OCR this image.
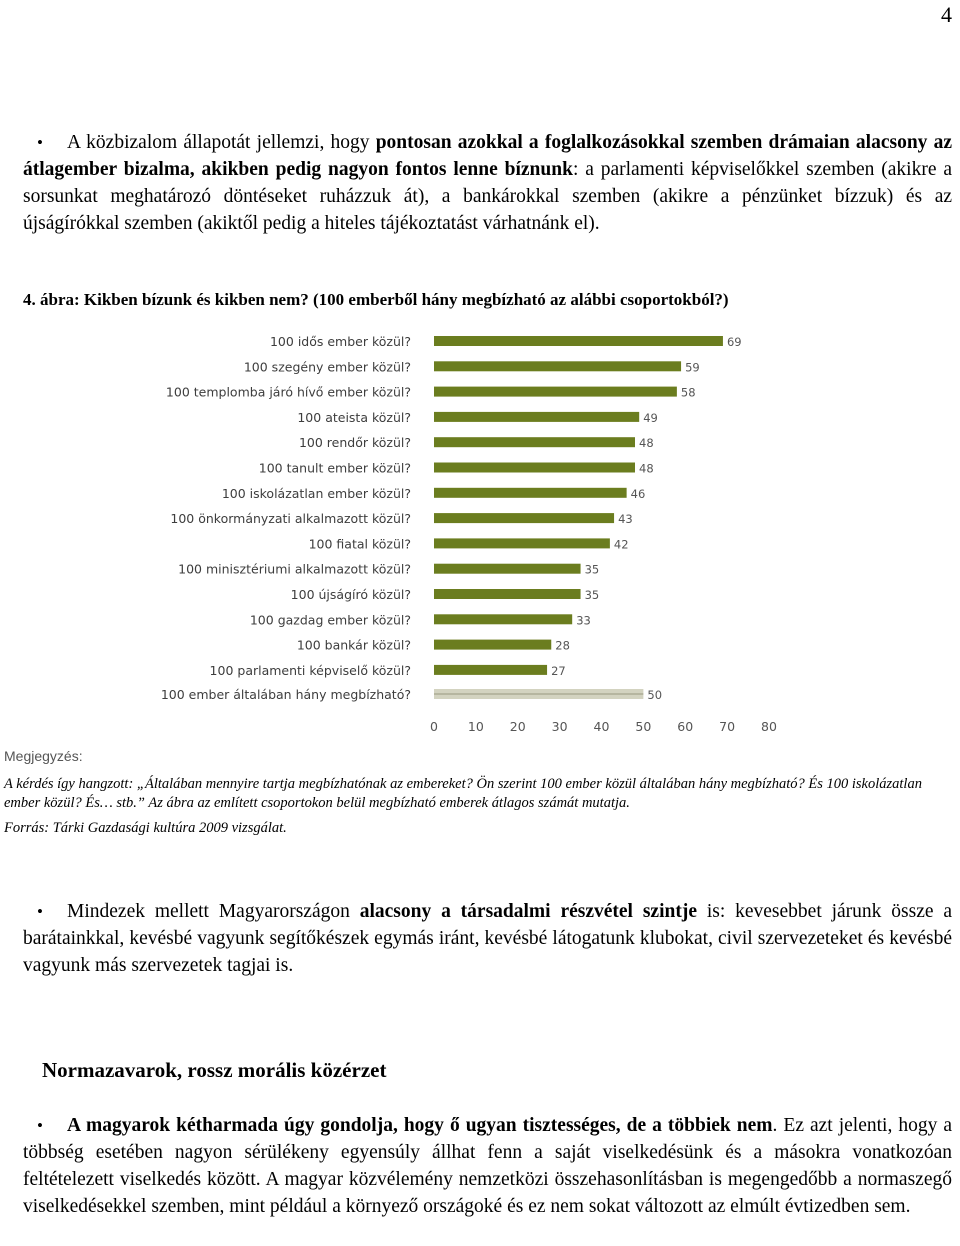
4

• A közbizalom állapotát jellemzi, hogy pontosan azokkal a foglalkozásokkal szemben drámaian alacsony az átlagember bizalma, akikben pedig nagyon fontos lenne bíznunk: a parlamenti képviselőkkel szemben (akikre a sorsunkat meghatározó döntéseket ruházzuk át), a bankárokkal szemben (akikre a pénzünket bízzuk) és az újságírókkal szemben (akiktől pedig a hiteles tájékoztatást várhatnánk el).

4. ábra: Kikben bízunk és kikben nem? (100 emberből hány megbízható az alábbi csoportokból?)

100 idős ember közül?	69
100 szegény ember közül?	59
100 templomba járó hívő ember közül?	58
100 ateista közül?	49
100 rendőr közül?	48
100 tanult ember közül?	48
100 iskolázatlan ember közül?	46
100 önkormányzati alkalmazott közül?	43
100 fiatal közül?	42
100 minisztériumi alkalmazott közül?	35
100 újságíró közül?	35
100 gazdag ember közül?	33
100 bankár közül?	28
100 parlamenti képviselő közül?	27
100 ember általában hány megbízható?	50
0 10 20 30 40 50 60 70 80
Megjegyzés:
A kérdés így hangzott: „Általában mennyire tartja megbízhatónak az embereket? Ön szerint 100 ember közül általában hány megbízható? És 100 iskolázatlan ember közül? És… stb.” Az ábra az említett csoportokon belül megbízható emberek átlagos számát mutatja.
Forrás: Tárki Gazdasági kultúra 2009 vizsgálat.

• Mindezek mellett Magyarországon alacsony a társadalmi részvétel szintje is: kevesebbet járunk össze a barátainkkal, kevésbé vagyunk segítőkészek egymás iránt, kevésbé látogatunk klubokat, civil szervezeteket és kevésbé vagyunk más szervezetek tagjai is.

Normazavarok, rossz morális közérzet

• A magyarok kétharmada úgy gondolja, hogy ő ugyan tisztességes, de a többiek nem. Ez azt jelenti, hogy a többség esetében nagyon sérülékeny egyensúly állhat fenn a saját viselkedésünk és a másokra vonatkozóan feltételezett viselkedés között. A magyar közvélemény nemzetközi összehasonlításban is megengedőbb a normaszegő viselkedésekkel szemben, mint például a környező országoké és ez nem sokat változott az elmúlt évtizedben sem.
